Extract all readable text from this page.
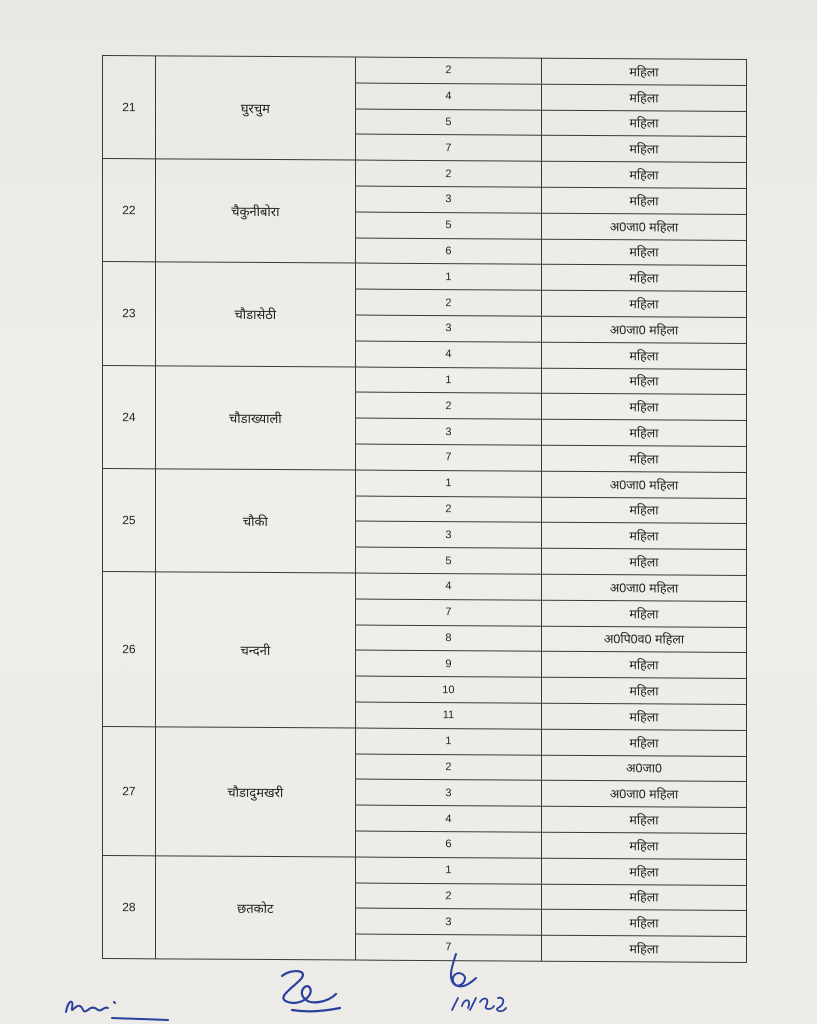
21	घुरचुम	2	महिला
		4	महिला
		5	महिला
		7	महिला
22	चैकुनीबोरा	2	महिला
		3	महिला
		5	अ0जा0 महिला
		6	महिला
23	चौडासेठी	1	महिला
		2	महिला
		3	अ0जा0 महिला
		4	महिला
24	चौडाख्याली	1	महिला
		2	महिला
		3	महिला
		7	महिला
25	चौकी	1	अ0जा0 महिला
		2	महिला
		3	महिला
		5	महिला
26	चन्दनी	4	अ0जा0 महिला
		7	महिला
		8	अ0पि0व0 महिला
		9	महिला
		10	महिला
		11	महिला
27	चौडादुमखरी	1	महिला
		2	अ0जा0
		3	अ0जा0 महिला
		4	महिला
		6	महिला
28	छतकोट	1	महिला
		2	महिला
		3	महिला
		7	महिला
